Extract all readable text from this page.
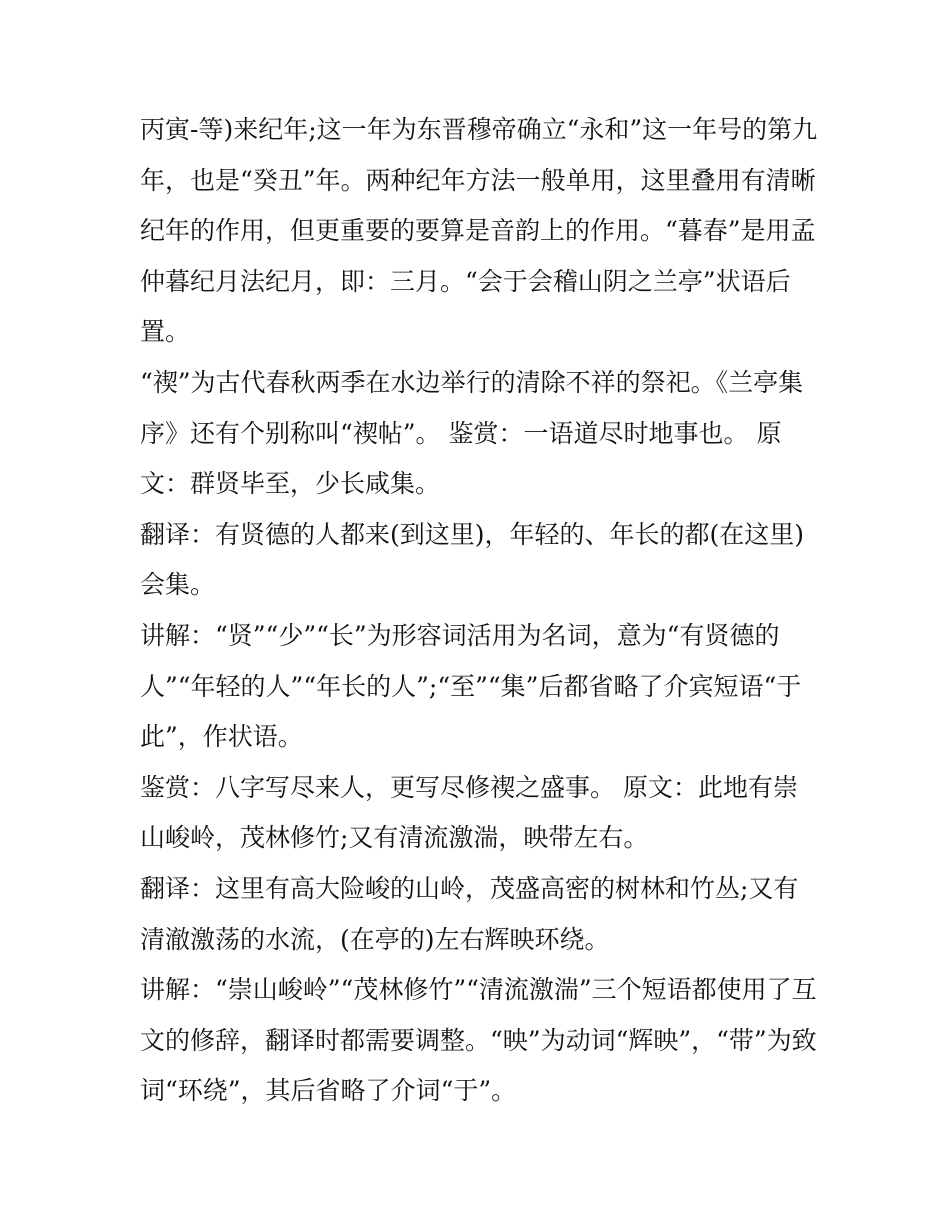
丙寅-等)来纪年;这一年为东晋穆帝确立“永和”这一年号的第九
年，也是“癸丑”年。两种纪年方法一般单用，这里叠用有清晰
纪年的作用，但更重要的要算是音韵上的作用。“暮春”是用孟
仲暮纪月法纪月，即：三月。“会于会稽山阴之兰亭”状语后
置。

“禊”为古代春秋两季在水边举行的清除不祥的祭祀。《兰亭集
序》还有个别称叫“禊帖”。 鉴赏：一语道尽时地事也。 原
文：群贤毕至，少长咸集。

翻译：有贤德的人都来(到这里)，年轻的、年长的都(在这里)
会集。

讲解：“贤”“少”“长”为形容词活用为名词，意为“有贤德的
人”“年轻的人”“年长的人”;“至”“集”后都省略了介宾短语“于
此”，作状语。

鉴赏：八字写尽来人，更写尽修禊之盛事。 原文：此地有崇
山峻岭，茂林修竹;又有清流激湍，映带左右。

翻译：这里有高大险峻的山岭，茂盛高密的树林和竹丛;又有
清澈激荡的水流，(在亭的)左右辉映环绕。

讲解：“崇山峻岭”“茂林修竹”“清流激湍”三个短语都使用了互
文的修辞，翻译时都需要调整。“映”为动词“辉映”，“带”为致
词“环绕”，其后省略了介词“于”。
